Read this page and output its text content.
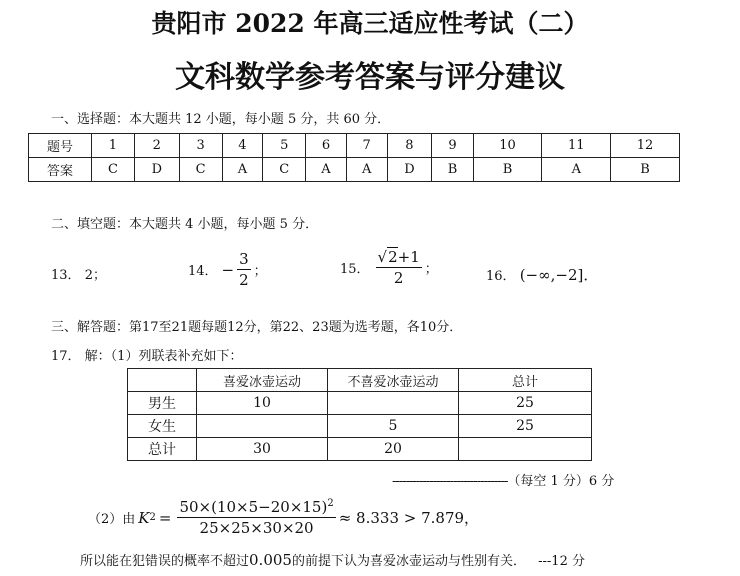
贵阳市 2022 年高三适应性考试（二）
文科数学参考答案与评分建议
一、选择题：本大题共 12 小题，每小题 5 分，共 60 分．
题号	1	2	3	4	5	6	7	8	9	10	11	12
答案	C	D	C	A	C	A	A	D	B	B	A	B
二、填空题：本大题共 4 小题，每小题 5 分．
13． 2；	14． − $\frac{3}{2}$ ；	15． $\frac{√2+1}{2}$ ；	16． (−∞,−2]．
三、解答题：第17至21题每题12分，第22、23题为选考题，各10分．
17． 解：（1）列联表补充如下：
	喜爱冰壶运动	不喜爱冰壶运动	总计
男生	10		25
女生		5	25
总计	30	20	
----------------------------------（每空 1 分）6 分
（2）由 K $2 = \frac{50\times(10\times 5-20\times 15)^2}{25\times 25\times 30\times 20} \approx 8.333 > 7.879$，
所以能在犯错误的概率不超过0.005的前提下认为喜爱冰壶运动与性别有关． ---12 分
